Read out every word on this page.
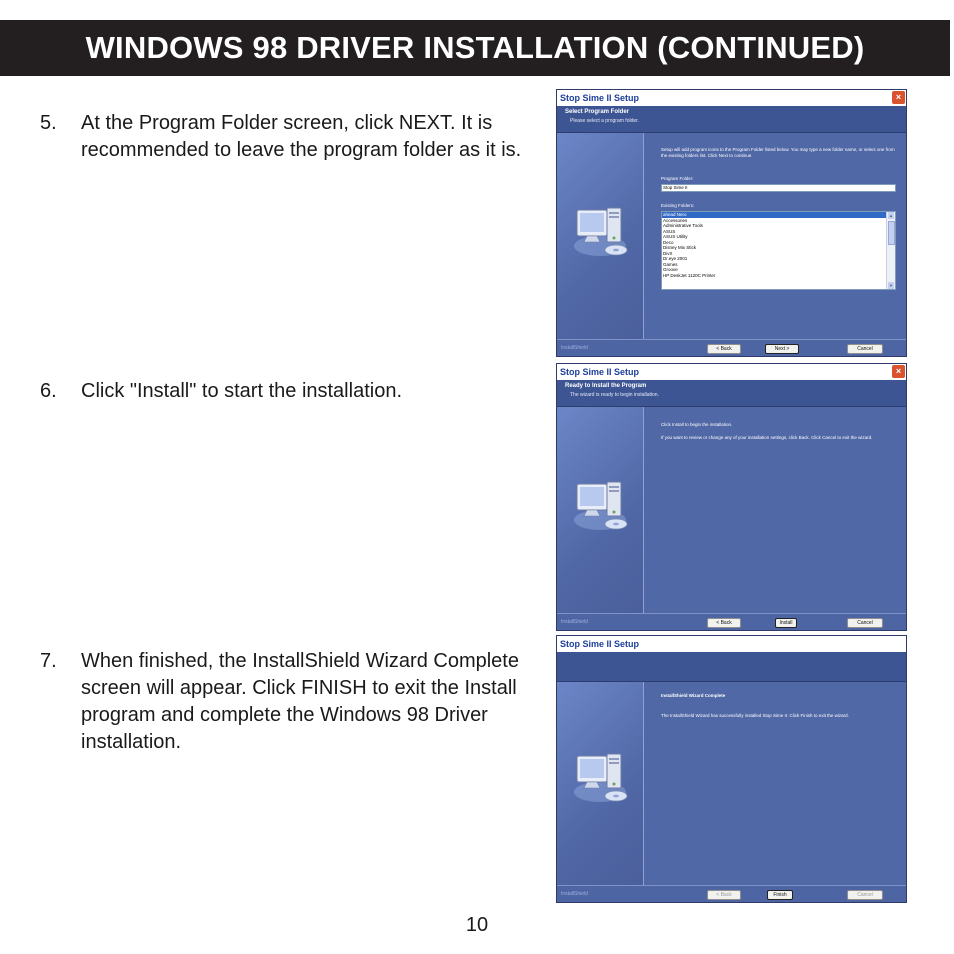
WINDOWS 98 DRIVER INSTALLATION (CONTINUED)
5. At the Program Folder screen, click NEXT. It is recommended to leave the program folder as it is.
6. Click "Install" to start the installation.
7. When finished, the InstallShield Wizard Complete screen will appear. Click FINISH to exit the Install program and complete the Windows 98 Driver installation.
Stop Sime II Setup	×
Select Program Folder
Please select a program folder.
Setup will add program icons to the Program Folder listed below. You may type a new folder name, or select one from the existing folders list. Click Next to continue.
Program Folder:
Stop Sime II
Existing Folders:
ahead Nero
Accessories
Administrative Tools
ASUS
ASUS Utility
Deco
Disney Mix Stick
DivX
Dr.eye 2001
Games
Groove
HP DeskJet 1120C Printer
▲
▼
InstallShield	< Back	Next >	Cancel
Stop Sime II Setup	×
Ready to Install the Program
The wizard is ready to begin installation.
Click Install to begin the installation.
If you want to review or change any of your installation settings, click Back. Click Cancel to exit the wizard.
InstallShield	< Back	Install	Cancel
Stop Sime II Setup
InstallShield Wizard Complete
The InstallShield Wizard has successfully installed Stop Sime II. Click Finish to exit the wizard.
InstallShield	< Back	Finish	Cancel
10
